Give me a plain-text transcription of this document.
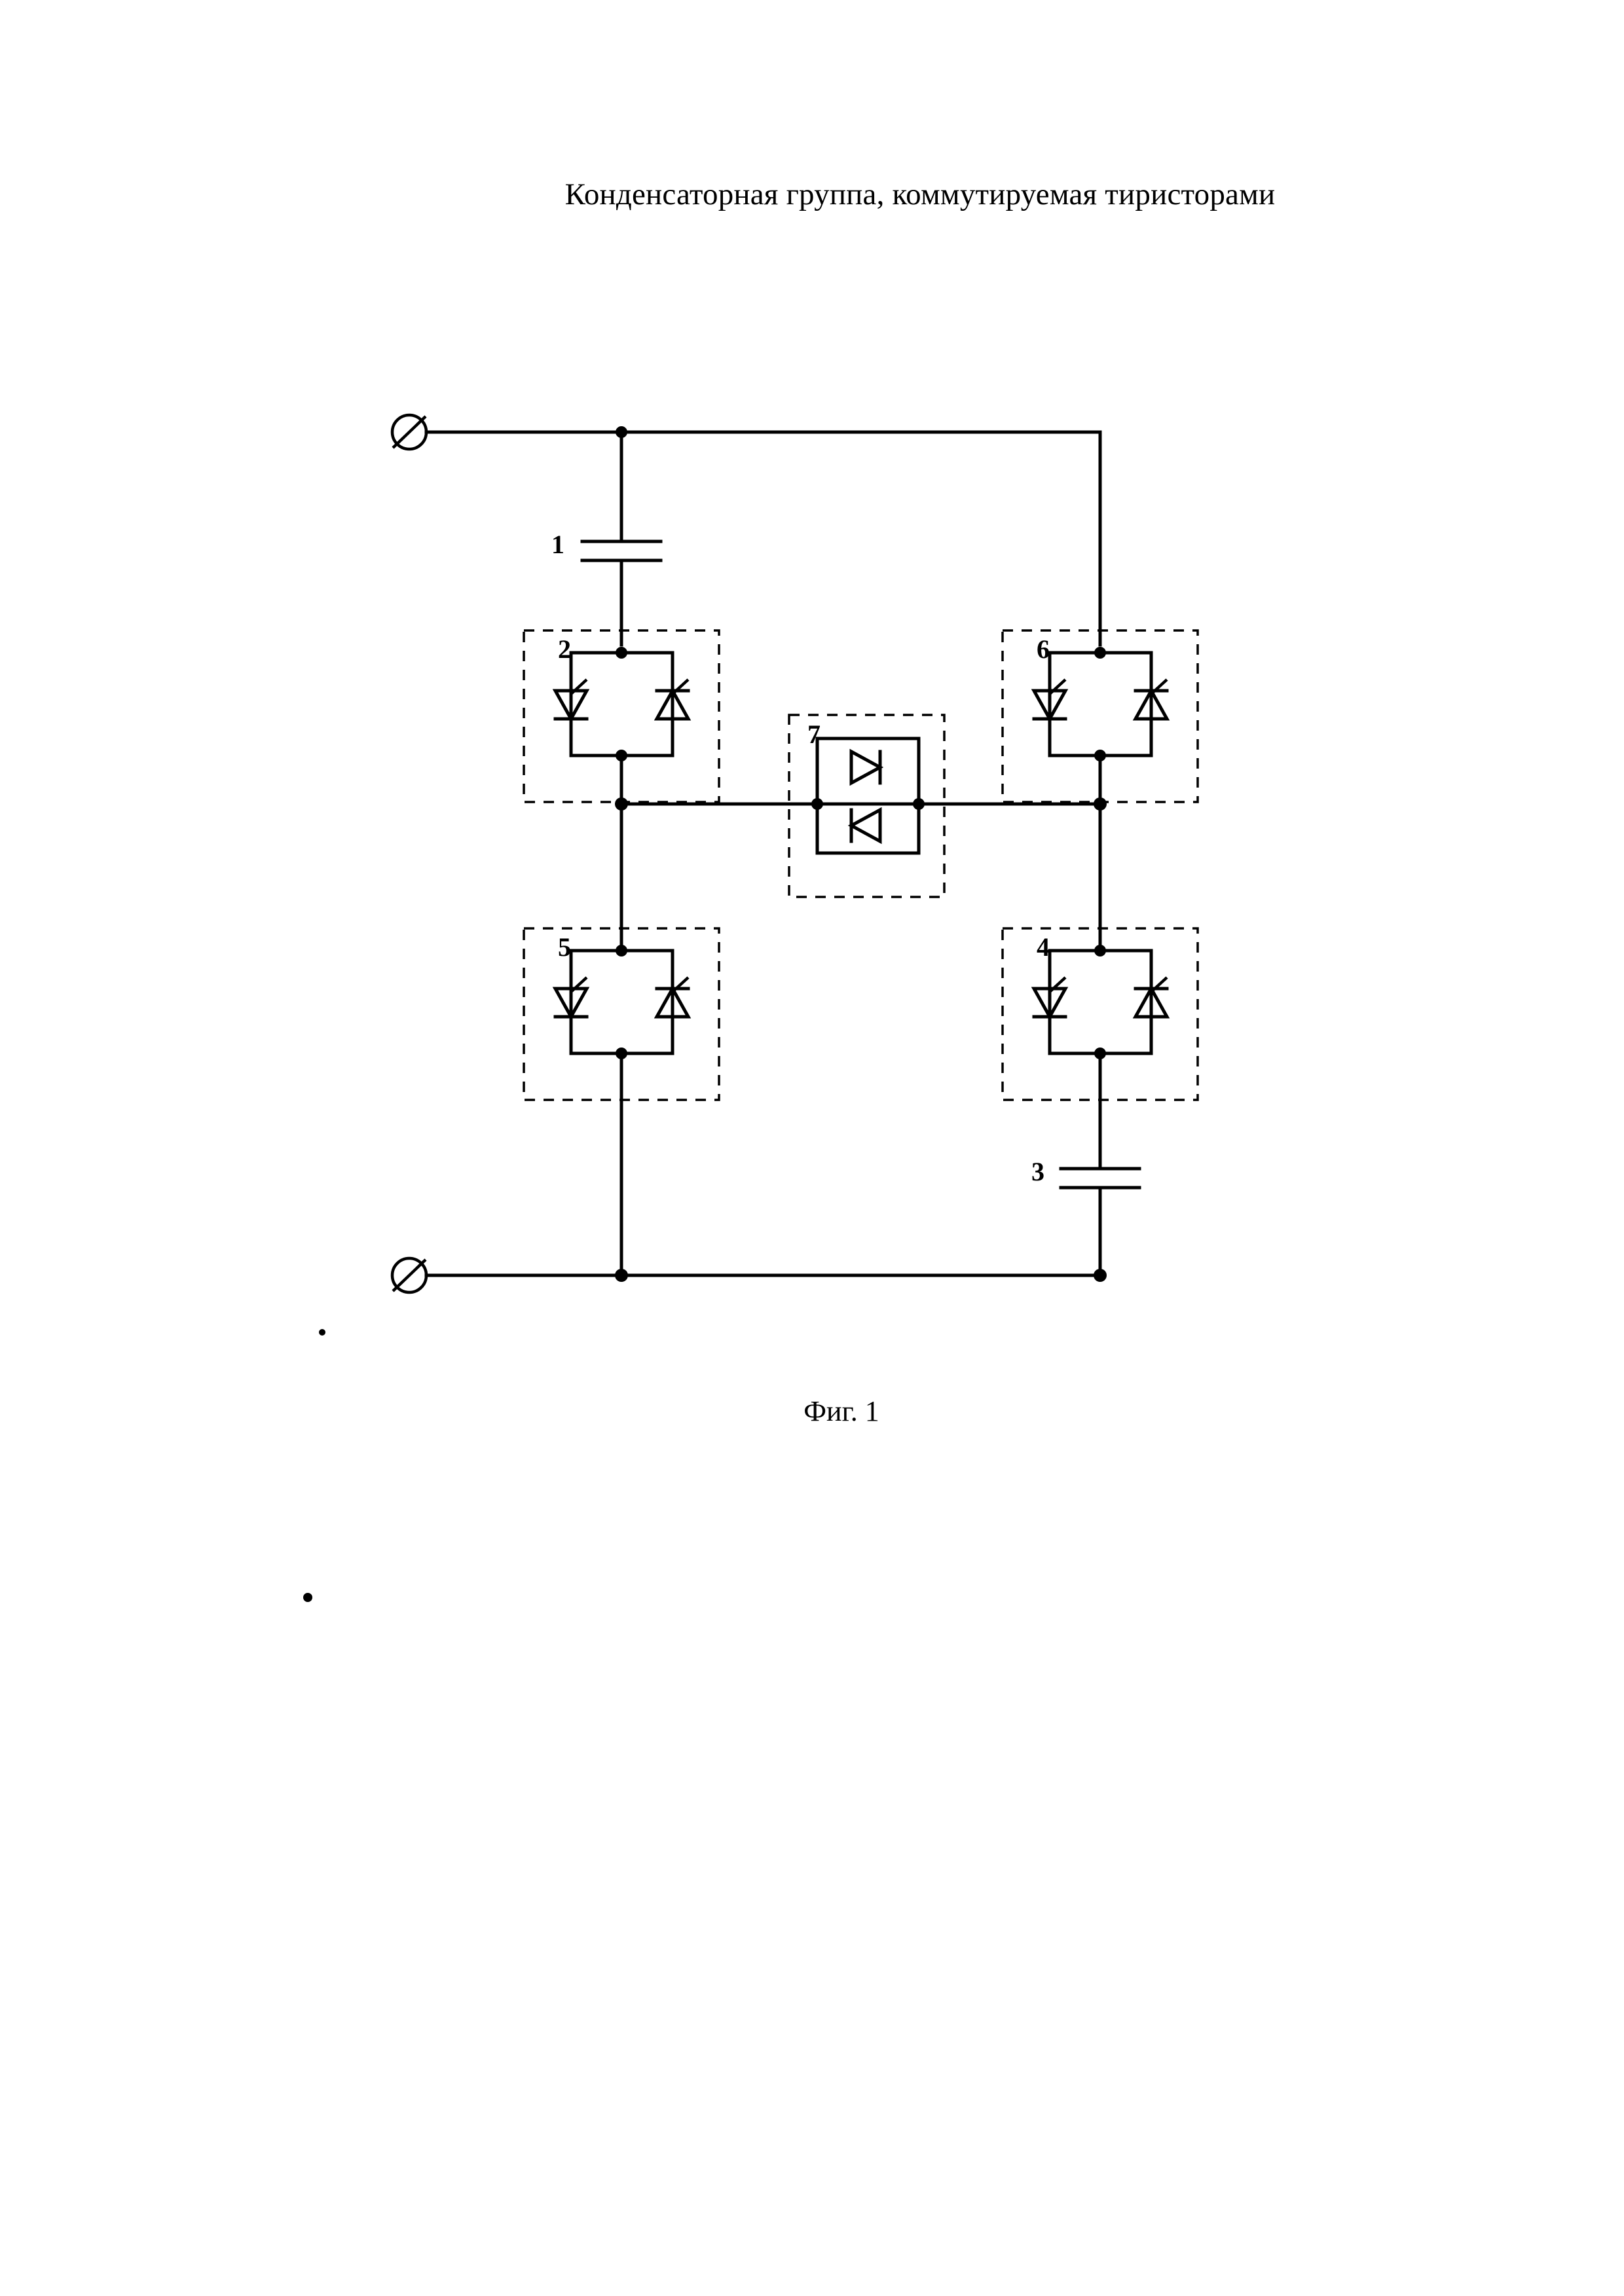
Конденсаторная группа, коммутируемая тиристорами
1
2
7
6
5	4
3
Фиг. 1
